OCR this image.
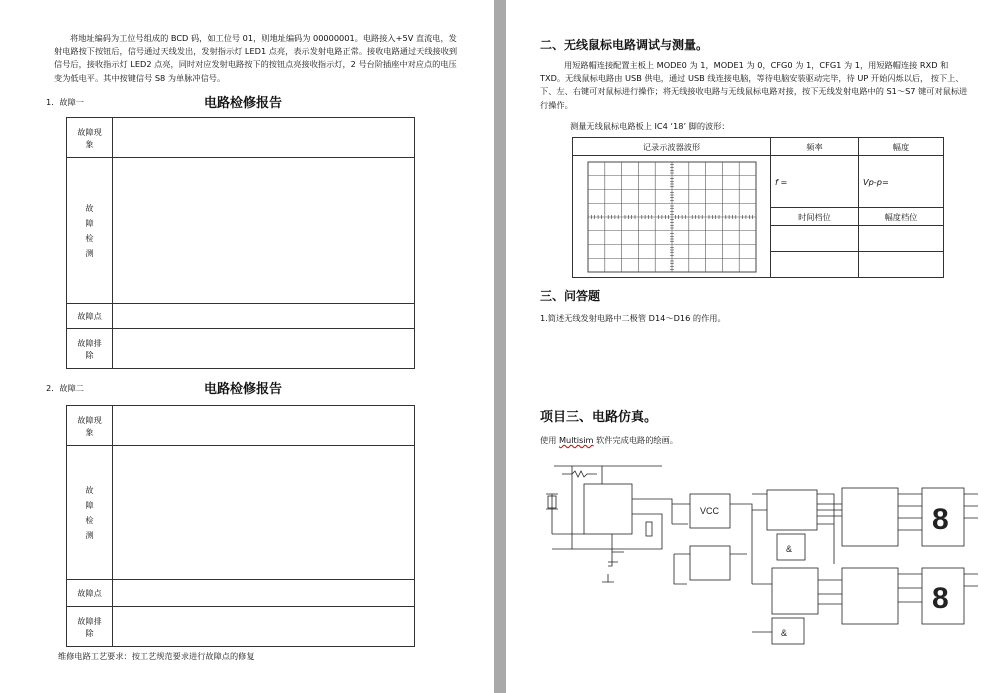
将地址编码为工位号组成的 BCD 码，如工位号 01，则地址编码为 00000001。电路接入+5V 直流电，发射电路按下按钮后，信号通过天线发出，发射指示灯 LED1 点亮，表示发射电路正常。接收电路通过天线接收到信号后，接收指示灯 LED2 点亮，同时对应发射电路按下的按钮点亮接收指示灯，2 号台阶插座中对应点的电压变为低电平。其中按键信号 S8 为单脉冲信号。

1．故障一	电路检修报告
故障现象	

故障检测	

故障点	

故障排除	

2．故障二	电路检修报告
故障现象	

故障检测	

故障点	

故障排除	

维修电路工艺要求：按工艺规范要求进行故障点的修复
二、无线鼠标电路调试与测量。

用短路帽连接配置主板上 MODE0 为 1，MODE1 为 0，CFG0 为 1，CFG1 为 1，用短路帽连接 RXD 和 TXD。无线鼠标电路由 USB 供电，通过 USB 线连接电脑，等待电脑安装驱动完毕，待 UP 开始闪烁以后， 按下上、下、左、右键可对鼠标进行操作；将无线接收电路与无线鼠标电路对接，按下无线发射电路中的 S1～S7 键可对鼠标进行操作。

测量无线鼠标电路板上 IC4 ‘18’ 脚的波形：
记录示波器波形	频率	幅度

	f =	Vp-p=
	时间档位	幅度档位

三、问答题
1.简述无线发射电路中二极管 D14～D16 的作用。
项目三、电路仿真。
使用 Multisim 软件完成电路的绘画。
VCC
&
&
8
8
